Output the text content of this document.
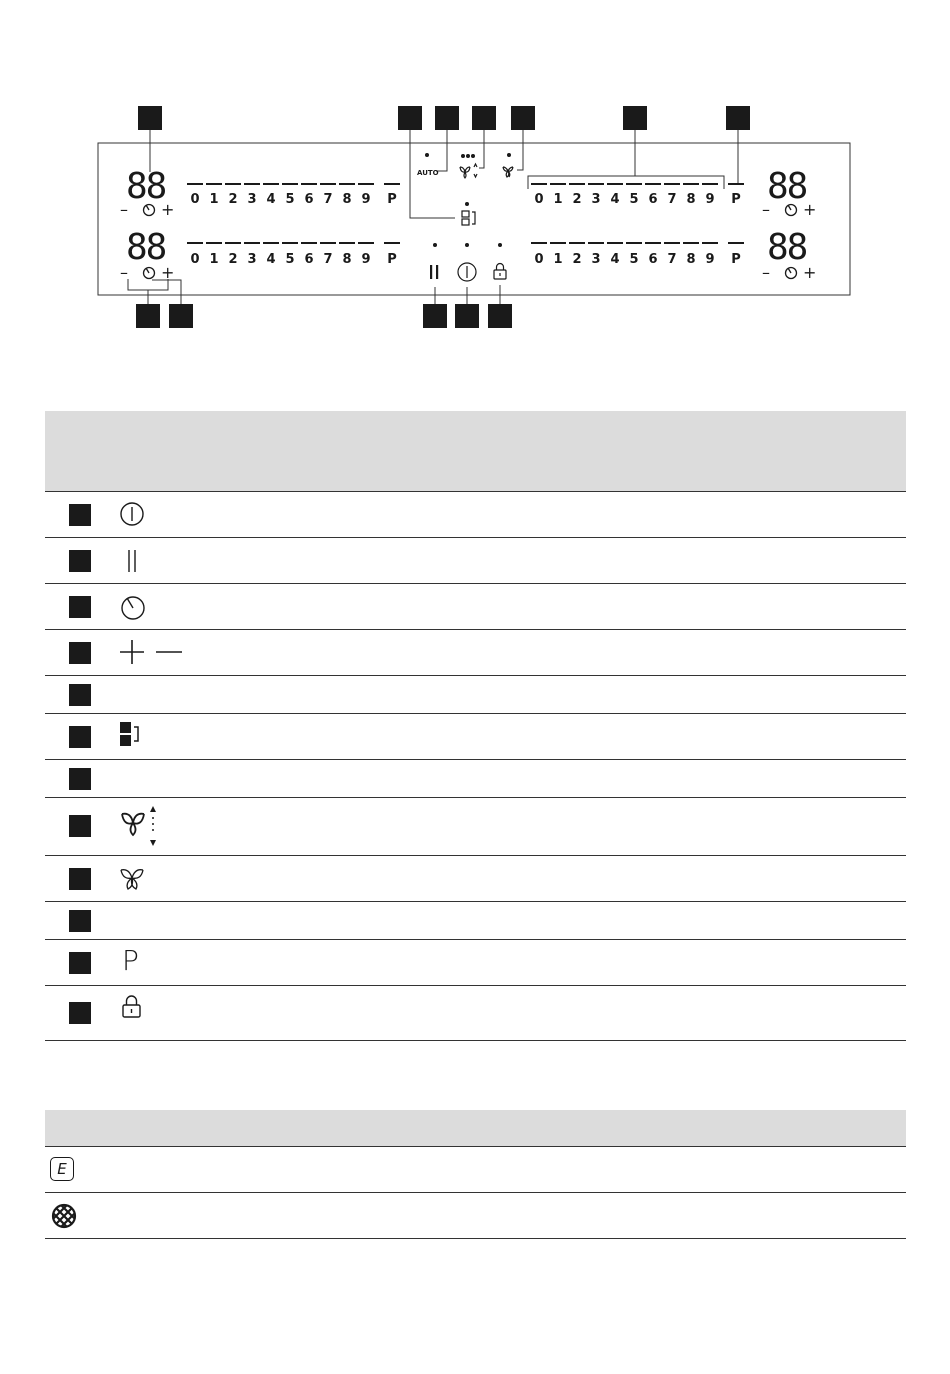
88
88
88
88
– +
– +
– +
– +
0 1 2 3 4 5 6 7 8 9 P
0 1 2 3 4 5 6 7 8 9 P
0 1 2 3 4 5 6 7 8 9 P
0 1 2 3 4 5 6 7 8 9 P
AUTO
P
E
